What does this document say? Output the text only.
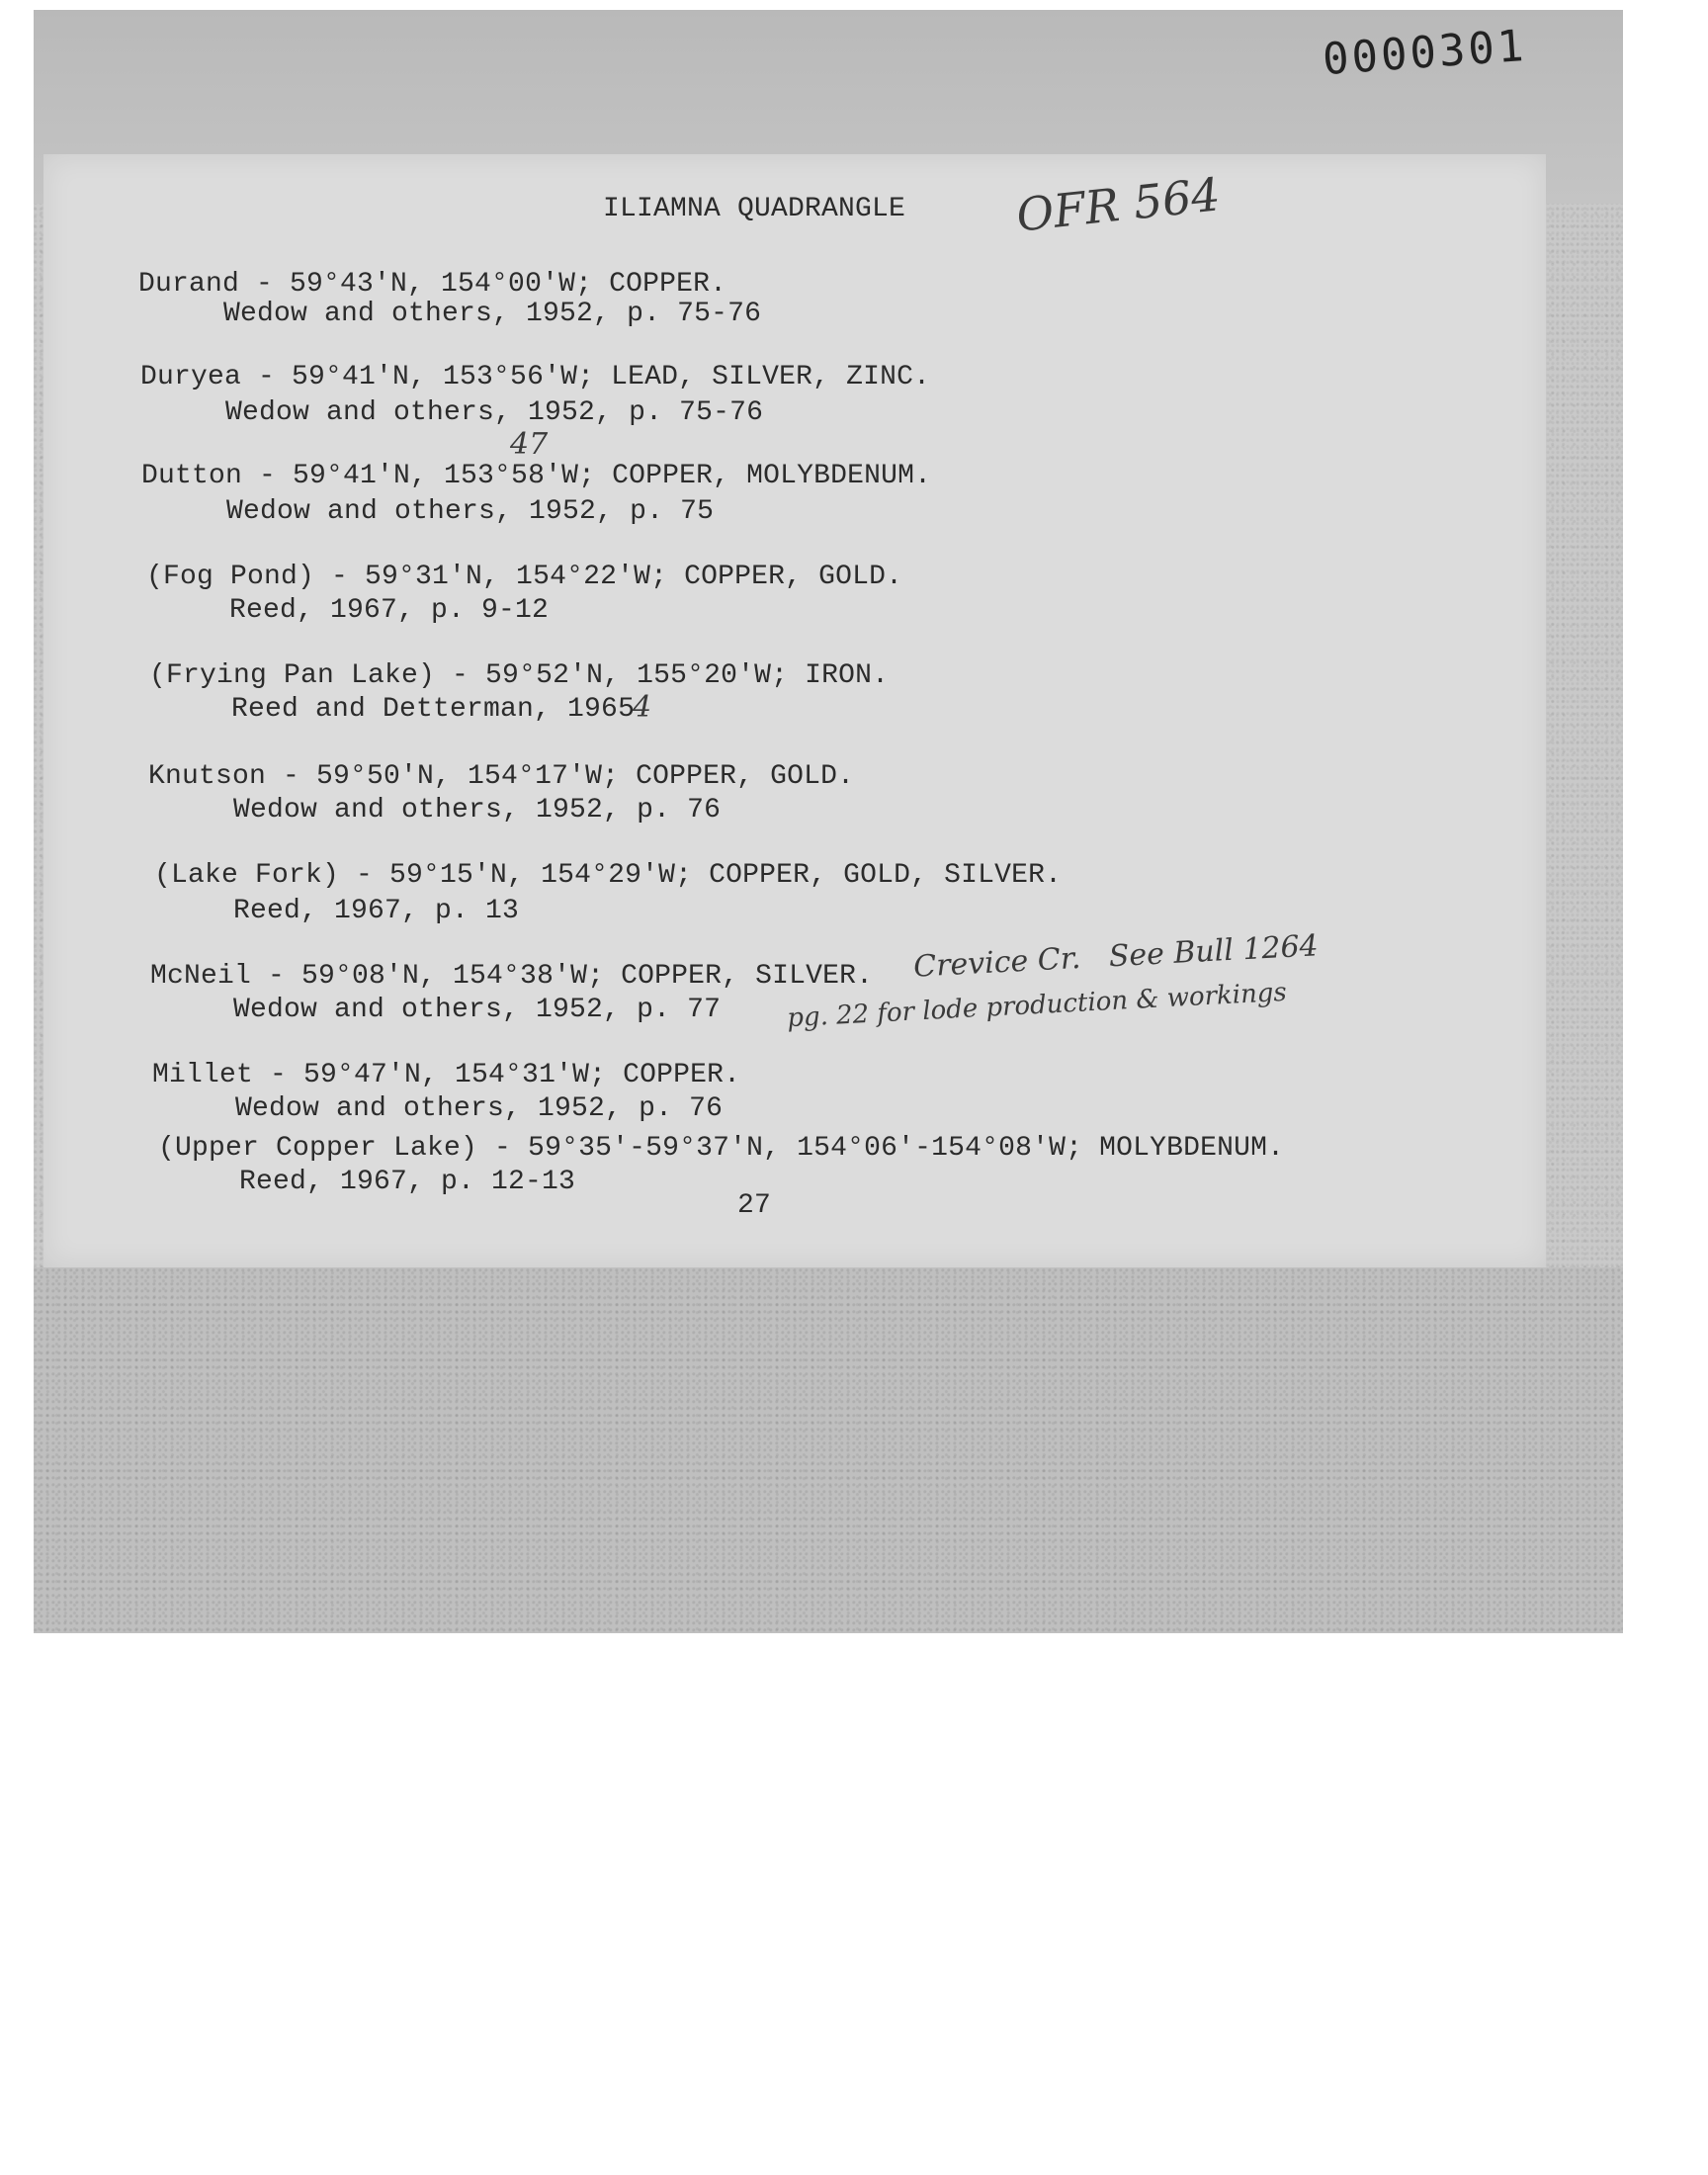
0000301
OFR 564
ILIAMNA QUADRANGLE
Durand - 59°43'N, 154°00'W; COPPER.
Wedow and others, 1952, p. 75-76
Duryea - 59°41'N, 153°56'W; LEAD, SILVER, ZINC.
Wedow and others, 1952, p. 75-76
Dutton - 59°41'N, 153°58'W; COPPER, MOLYBDENUM.
47
Wedow and others, 1952, p. 75
(Fog Pond) - 59°31'N, 154°22'W; COPPER, GOLD.
Reed, 1967, p. 9-12
(Frying Pan Lake) - 59°52'N, 155°20'W; IRON.
Reed and Detterman, 1965
4
Knutson - 59°50'N, 154°17'W; COPPER, GOLD.
Wedow and others, 1952, p. 76
(Lake Fork) - 59°15'N, 154°29'W; COPPER, GOLD, SILVER.
Reed, 1967, p. 13
McNeil - 59°08'N, 154°38'W; COPPER, SILVER.
Wedow and others, 1952, p. 77
Crevice Cr.   See Bull 1264
pg. 22 for lode production & workings
Millet - 59°47'N, 154°31'W; COPPER.
Wedow and others, 1952, p. 76
(Upper Copper Lake) - 59°35'-59°37'N, 154°06'-154°08'W; MOLYBDENUM.
Reed, 1967, p. 12-13
27
